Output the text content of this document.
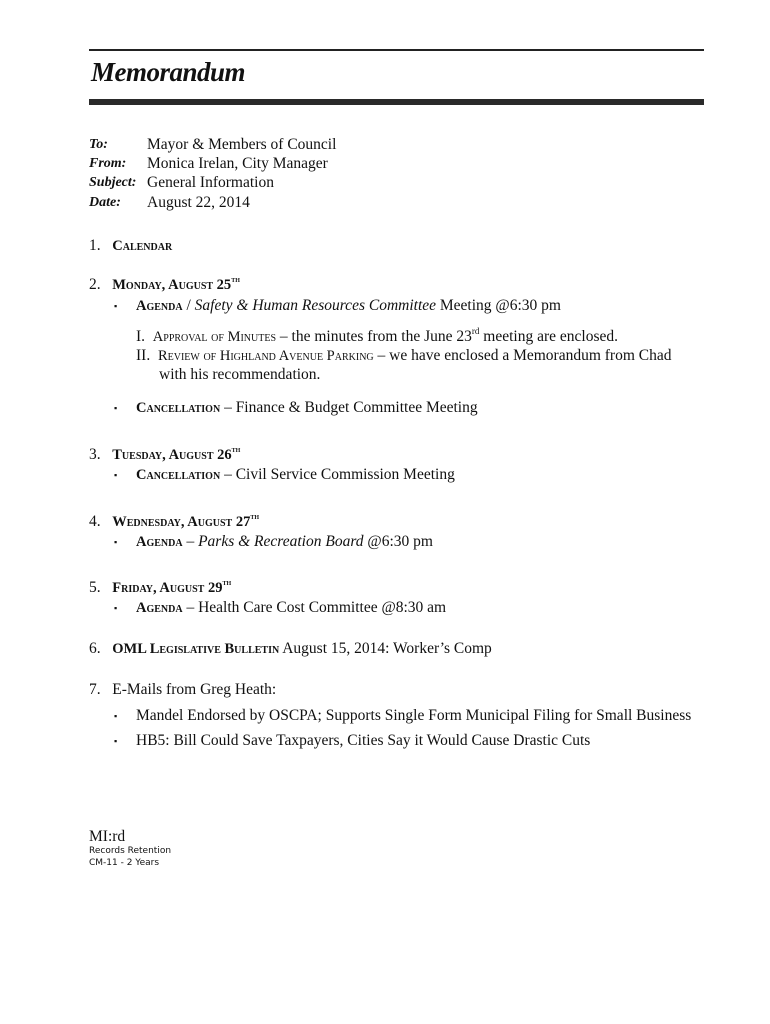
Memorandum
To:	Mayor & Members of Council
From: Monica Irelan, City Manager
Subject: General Information
Date: August 22, 2014
1. Calendar
2. Monday, August 25th
▪ Agenda / Safety & Human Resources Committee Meeting @6:30 pm
I. Approval of Minutes – the minutes from the June 23rd meeting are enclosed.
II. Review of Highland Avenue Parking – we have enclosed a Memorandum from Chad
with his recommendation.
▪ Cancellation – Finance & Budget Committee Meeting
3. Tuesday, August 26th
▪ Cancellation – Civil Service Commission Meeting
4. Wednesday, August 27th
▪ Agenda – Parks & Recreation Board @6:30 pm
5. Friday, August 29th
▪ Agenda – Health Care Cost Committee @8:30 am
6. OML Legislative Bulletin August 15, 2014: Worker’s Comp
7. E-Mails from Greg Heath:
▪ Mandel Endorsed by OSCPA; Supports Single Form Municipal Filing for Small Business
▪ HB5: Bill Could Save Taxpayers, Cities Say it Would Cause Drastic Cuts
MI:rd
Records Retention
CM-11 - 2 Years
